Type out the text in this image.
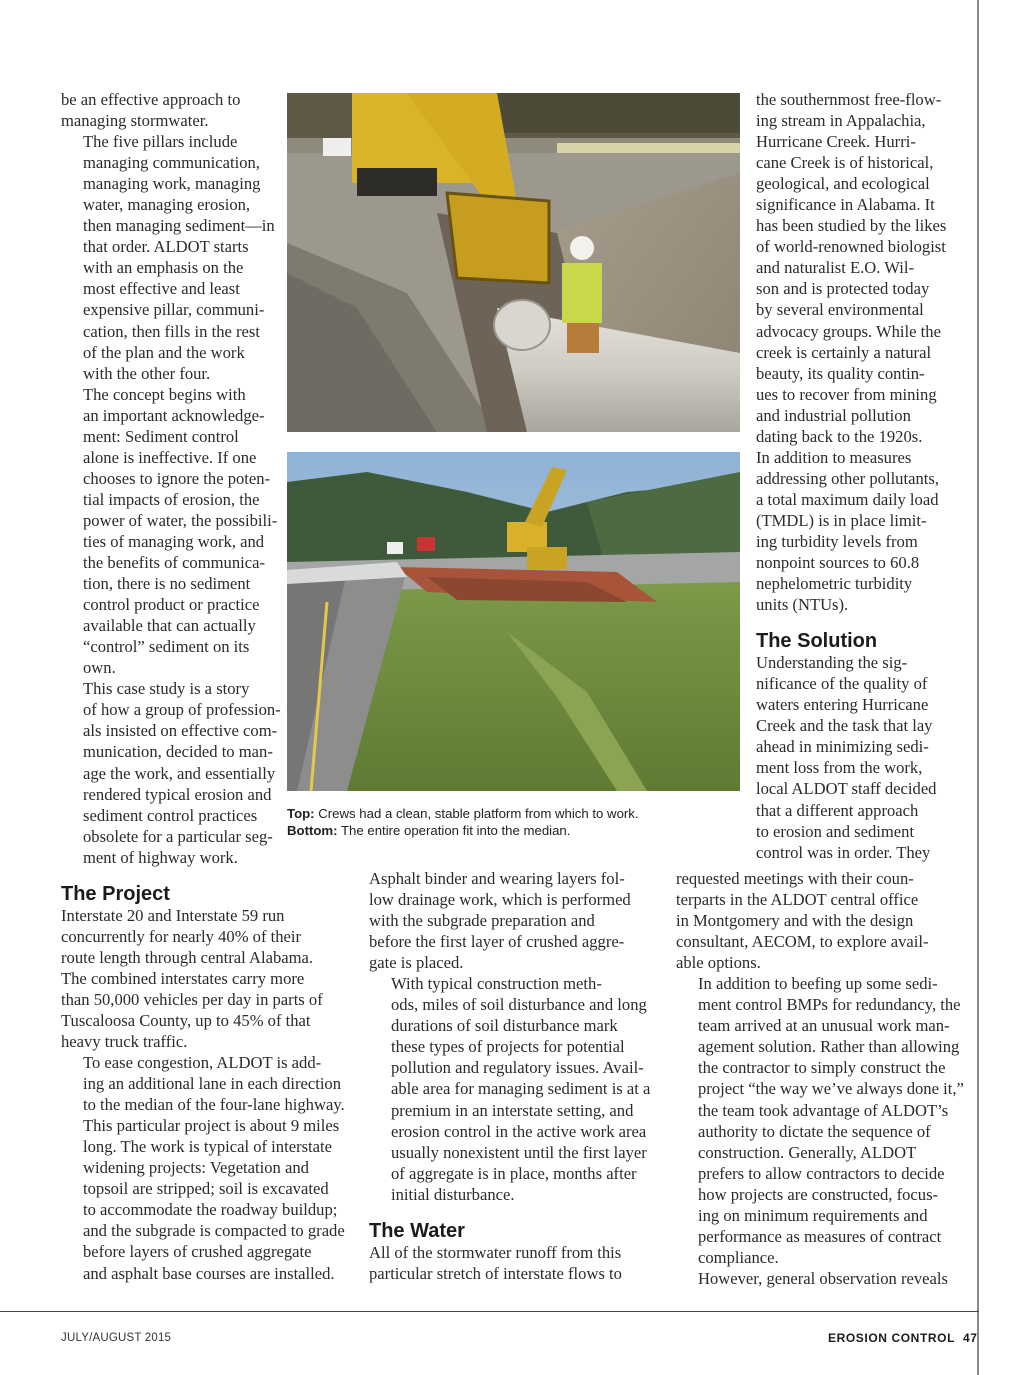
be an effective approach to
managing stormwater.

The five pillars include
managing communication,
managing work, managing
water, managing erosion,
then managing sediment—in
that order. ALDOT starts
with an emphasis on the
most effective and least
expensive pillar, communi-
cation, then fills in the rest
of the plan and the work
with the other four.

The concept begins with
an important acknowledge-
ment: Sediment control
alone is ineffective. If one
chooses to ignore the poten-
tial impacts of erosion, the
power of water, the possibili-
ties of managing work, and
the benefits of communica-
tion, there is no sediment
control product or practice
available that can actually
“control” sediment on its
own.

This case study is a story
of how a group of profession-
als insisted on effective com-
munication, decided to man-
age the work, and essentially
rendered typical erosion and
sediment control practices
obsolete for a particular seg-
ment of highway work.

The Project

Interstate 20 and Interstate 59 run
concurrently for nearly 40% of their
route length through central Alabama.
The combined interstates carry more
than 50,000 vehicles per day in parts of
Tuscaloosa County, up to 45% of that
heavy truck traffic.

To ease congestion, ALDOT is add-
ing an additional lane in each direction
to the median of the four-lane highway.
This particular project is about 9 miles
long. The work is typical of interstate
widening projects: Vegetation and
topsoil are stripped; soil is excavated
to accommodate the roadway buildup;
and the subgrade is compacted to grade
before layers of crushed aggregate
and asphalt base courses are installed.

Asphalt binder and wearing layers fol-
low drainage work, which is performed
with the subgrade preparation and
before the first layer of crushed aggre-
gate is placed.

With typical construction meth-
ods, miles of soil disturbance and long
durations of soil disturbance mark
these types of projects for potential
pollution and regulatory issues. Avail-
able area for managing sediment is at a
premium in an interstate setting, and
erosion control in the active work area
usually nonexistent until the first layer
of aggregate is in place, months after
initial disturbance.

The Water

All of the stormwater runoff from this
particular stretch of interstate flows to

the southernmost free-flow-
ing stream in Appalachia,
Hurricane Creek. Hurri-
cane Creek is of historical,
geological, and ecological
significance in Alabama. It
has been studied by the likes
of world-renowned biologist
and naturalist E.O. Wil-
son and is protected today
by several environmental
advocacy groups. While the
creek is certainly a natural
beauty, its quality contin-
ues to recover from mining
and industrial pollution
dating back to the 1920s.
In addition to measures
addressing other pollutants,
a total maximum daily load
(TMDL) is in place limit-
ing turbidity levels from
nonpoint sources to 60.8
nephelometric turbidity
units (NTUs).

The Solution

Understanding the sig-
nificance of the quality of
waters entering Hurricane
Creek and the task that lay
ahead in minimizing sedi-
ment loss from the work,
local ALDOT staff decided
that a different approach
to erosion and sediment
control was in order. They

requested meetings with their coun-
terparts in the ALDOT central office
in Montgomery and with the design
consultant, AECOM, to explore avail-
able options.

In addition to beefing up some sedi-
ment control BMPs for redundancy, the
team arrived at an unusual work man-
agement solution. Rather than allowing
the contractor to simply construct the
project “the way we’ve always done it,”
the team took advantage of ALDOT’s
authority to dictate the sequence of
construction. Generally, ALDOT
prefers to allow contractors to decide
how projects are constructed, focus-
ing on minimum requirements and
performance as measures of contract
compliance.

However, general observation reveals

Top: Crews had a clean, stable platform from which to work.
Bottom: The entire operation fit into the median.
JULY/AUGUST 2015	EROSION CONTROL 47
